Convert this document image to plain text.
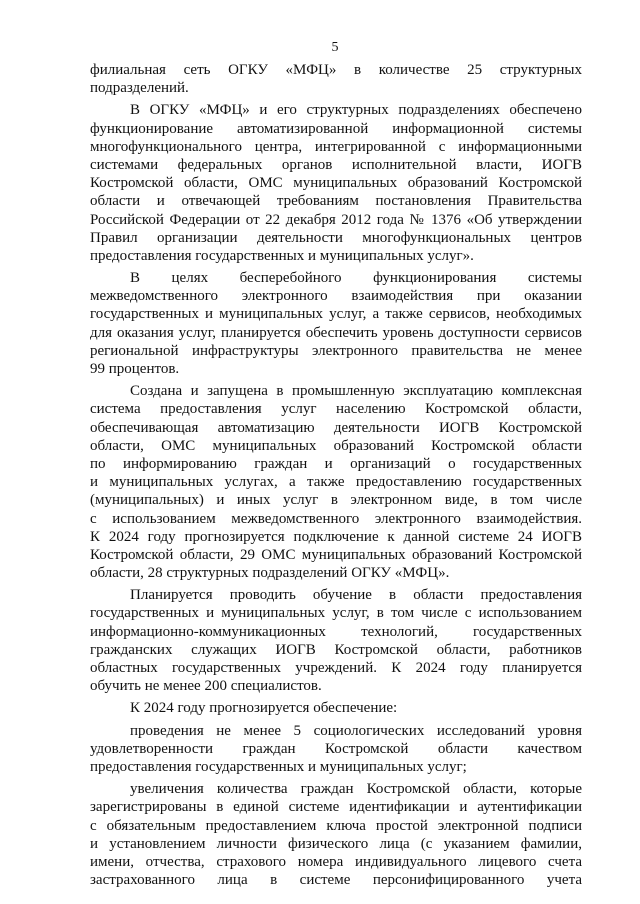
5

филиальная сеть ОГКУ «МФЦ» в количестве 25 структурных
подразделений.

В ОГКУ «МФЦ» и его структурных подразделениях обеспечено
функционирование автоматизированной информационной системы
многофункционального центра, интегрированной с информационными
системами федеральных органов исполнительной власти, ИОГВ
Костромской области, ОМС муниципальных образований Костромской
области и отвечающей требованиям постановления Правительства
Российской Федерации от 22 декабря 2012 года № 1376 «Об утверждении
Правил организации деятельности многофункциональных центров
предоставления государственных и муниципальных услуг».

В целях бесперебойного функционирования системы
межведомственного электронного взаимодействия при оказании
государственных и муниципальных услуг, а также сервисов, необходимых
для оказания услуг, планируется обеспечить уровень доступности сервисов
региональной инфраструктуры электронного правительства не менее
99 процентов.

Создана и запущена в промышленную эксплуатацию комплексная
система предоставления услуг населению Костромской области,
обеспечивающая автоматизацию деятельности ИОГВ Костромской
области, ОМС муниципальных образований Костромской области
по информированию граждан и организаций о государственных
и муниципальных услугах, а также предоставлению государственных
(муниципальных) и иных услуг в электронном виде, в том числе
с использованием межведомственного электронного взаимодействия.
К 2024 году прогнозируется подключение к данной системе 24 ИОГВ
Костромской области, 29 ОМС муниципальных образований Костромской
области, 28 структурных подразделений ОГКУ «МФЦ».

Планируется проводить обучение в области предоставления
государственных и муниципальных услуг, в том числе с использованием
информационно-коммуникационных технологий, государственных
гражданских служащих ИОГВ Костромской области, работников
областных государственных учреждений. К 2024 году планируется
обучить не менее 200 специалистов.

К 2024 году прогнозируется обеспечение:

проведения не менее 5 социологических исследований уровня
удовлетворенности граждан Костромской области качеством
предоставления государственных и муниципальных услуг;

увеличения количества граждан Костромской области, которые
зарегистрированы в единой системе идентификации и аутентификации
с обязательным предоставлением ключа простой электронной подписи
и установлением личности физического лица (с указанием фамилии,
имени, отчества, страхового номера индивидуального лицевого счета
застрахованного лица в системе персонифицированного учета
